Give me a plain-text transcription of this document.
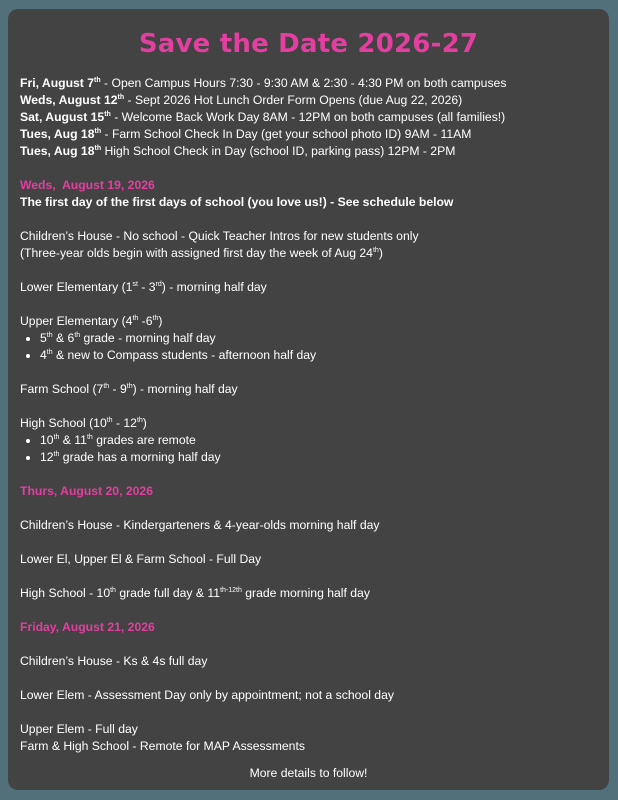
Save the Date 2026-27
Fri, August 7th - Open Campus Hours 7:30 - 9:30 AM & 2:30 - 4:30 PM on both campuses
Weds, August 12th - Sept 2026 Hot Lunch Order Form Opens (due Aug 22, 2026)
Sat, August 15th - Welcome Back Work Day 8AM - 12PM on both campuses (all families!)
Tues, Aug 18th - Farm School Check In Day (get your school photo ID) 9AM - 11AM
Tues, Aug 18th High School Check in Day (school ID, parking pass) 12PM - 2PM
Weds,  August 19, 2026
The first day of the first days of school (you love us!) - See schedule below
Children’s House - No school - Quick Teacher Intros for new students only
(Three-year olds begin with assigned first day the week of Aug 24th)
Lower Elementary (1st - 3rd) - morning half day
Upper Elementary (4th -6th)
• 5th & 6th grade - morning half day
• 4th & new to Compass students - afternoon half day
Farm School (7th - 9th) - morning half day
High School (10th - 12th)
• 10th & 11th grades are remote
• 12th grade has a morning half day
Thurs, August 20, 2026
Children’s House - Kindergarteners & 4-year-olds morning half day
Lower El, Upper El & Farm School - Full Day
High School - 10th grade full day & $11^{th-12th}$ grade morning half day
Friday, August 21, 2026
Children’s House - Ks & 4s full day
Lower Elem - Assessment Day only by appointment; not a school day
Upper Elem - Full day
Farm & High School - Remote for MAP Assessments
More details to follow!
